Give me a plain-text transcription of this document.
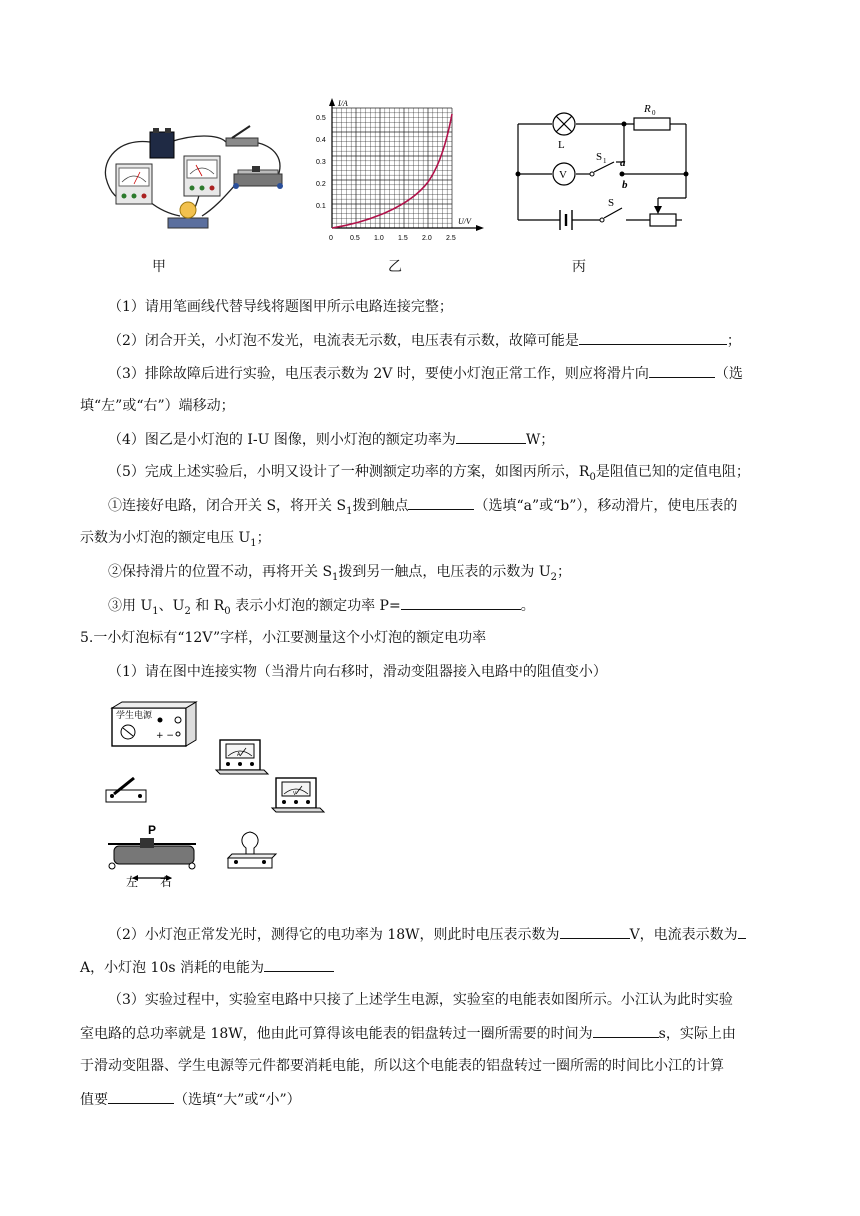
甲
I/A
U/V
0.5
0.4
0.3
0.2
0.1
0 0.5 1.0 1.5 2.0 2.5
乙
L
R 0
V
S 1 a
b
S
丙
（1）请用笔画线代替导线将题图甲所示电路连接完整；
（2）闭合开关，小灯泡不发光，电流表无示数，电压表有示数，故障可能是	；
（3）排除故障后进行实验，电压表示数为 2V 时，要使小灯泡正常工作，则应将滑片向	（选
填“左”或“右”）端移动；
（4）图乙是小灯泡的 I-U 图像，则小灯泡的额定功率为	W；
（5）完成上述实验后，小明又设计了一种测额定功率的方案，如图丙所示，$R_0$是阻值已知的定值电阻；
①连接好电路，闭合开关 S，将开关 $S_1$拨到触点	（选填“a”或“b”），移动滑片，使电压表的
示数为小灯泡的额定电压 $U_1$；
②保持滑片的位置不动，再将开关 $S_1$拨到另一触点，电压表的示数为 $U_2$；
③用 $U_1$、$U_2$ 和 $R_0$ 表示小灯泡的额定功率 P=	。
5.一小灯泡标有“12V”字样，小江要测量这个小灯泡的额定电功率
（1）请在图中连接实物（当滑片向右移时，滑动变阻器接入电路中的阻值变小）
学生电源
+ −
A
V
P
左 右
（2）小灯泡正常发光时，测得它的电功率为 18W，则此时电压表示数为	V，电流表示数为
A，小灯泡 10s 消耗的电能为
（3）实验过程中，实验室电路中只接了上述学生电源，实验室的电能表如图所示。小江认为此时实验
室电路的总功率就是 18W，他由此可算得该电能表的铝盘转过一圈所需要的时间为	s，实际上由
于滑动变阻器、学生电源等元件都要消耗电能，所以这个电能表的铝盘转过一圈所需的时间比小江的计算
值要	（选填“大”或“小”）
